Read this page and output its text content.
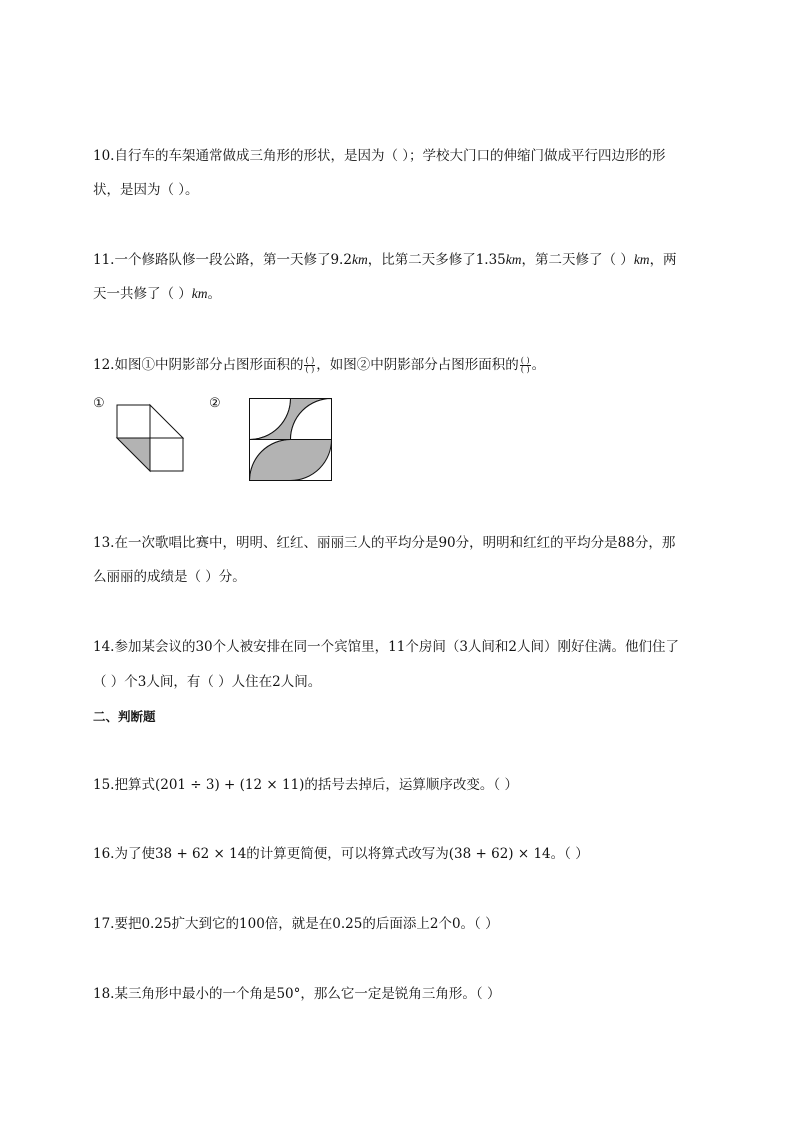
10.自行车的车架通常做成三角形的形状，是因为（ ）；学校大门口的伸缩门做成平行四边形的形
状，是因为（ ）。
11.一个修路队修一段公路，第一天修了9.2km，比第二天多修了1.35km，第二天修了（ ）km，两
天一共修了（ ）km。
12.如图①中阴影部分占图形面积的 $\frac{( )}{( )}$ ，如图②中阴影部分占图形面积的 $\frac{( )}{( )}$ 。
①	②
13.在一次歌唱比赛中，明明、红红、丽丽三人的平均分是90分，明明和红红的平均分是88分，那
么丽丽的成绩是（ ）分。
14.参加某会议的30个人被安排在同一个宾馆里，11个房间（3人间和2人间）刚好住满。他们住了
（ ）个3人间，有（ ）人住在2人间。
二、判断题
15.把算式(201 ÷ 3) + (12 × 11)的括号去掉后，运算顺序改变。（ ）
16.为了使38 + 62 × 14的计算更简便，可以将算式改写为(38 + 62) × 14。（ ）
17.要把0.25扩大到它的100倍，就是在0.25的后面添上2个0。（ ）
18.某三角形中最小的一个角是50°，那么它一定是锐角三角形。（ ）
